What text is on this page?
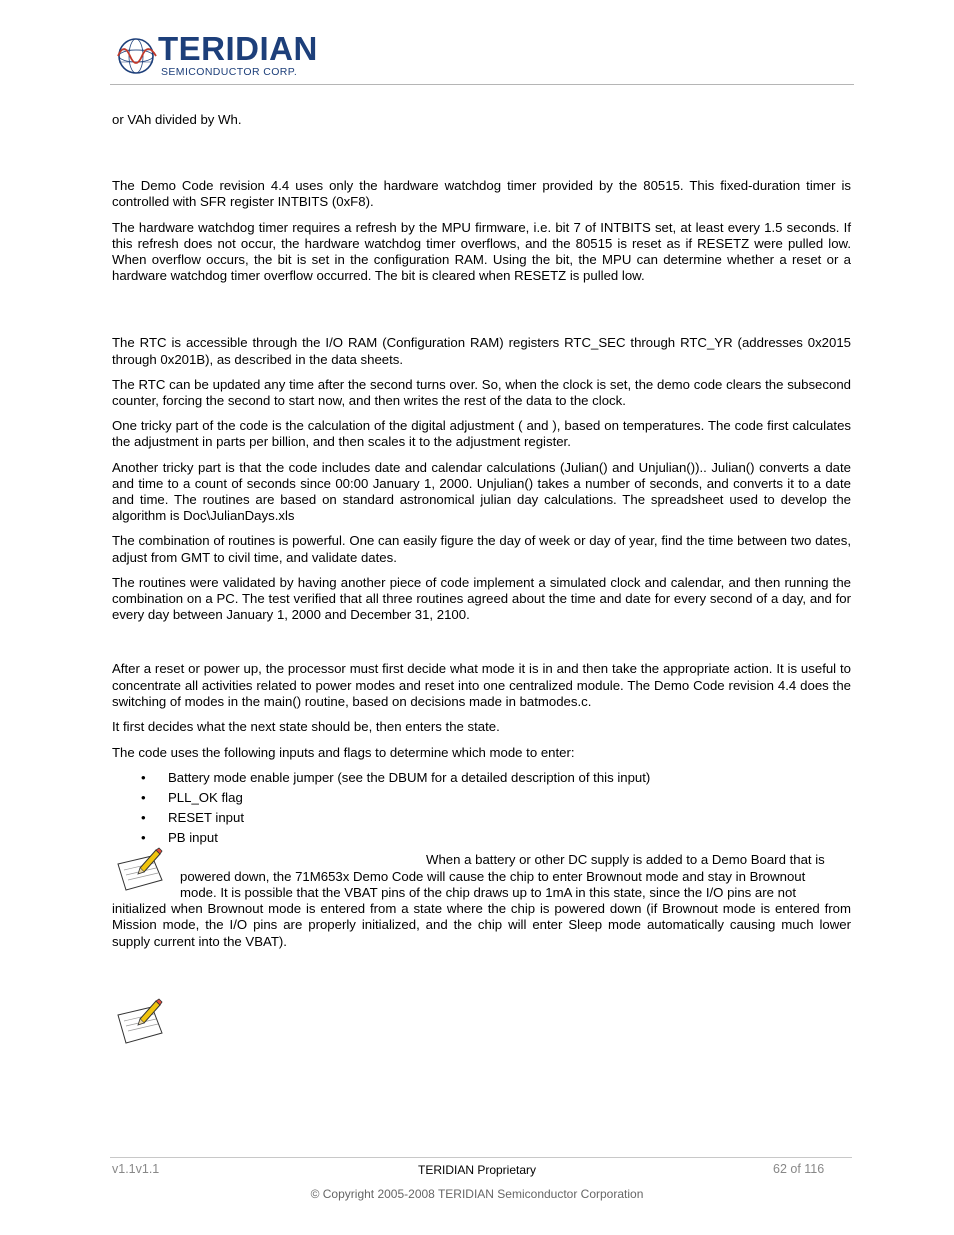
TERIDIAN
SEMICONDUCTOR CORP.

or VAh divided by Wh.

The Demo Code revision 4.4 uses only the hardware watchdog timer provided by the 80515. This fixed-duration timer is controlled with SFR register INTBITS (0xF8).

The hardware watchdog timer requires a refresh by the MPU firmware, i.e. bit 7 of INTBITS set, at least every 1.5 seconds. If this refresh does not occur, the hardware watchdog timer overflows, and the 80515 is reset as if RESETZ were pulled low. When overflow occurs, the bit is set in the configuration RAM. Using the bit, the MPU can determine whether a reset or a hardware watchdog timer overflow occurred. The bit is cleared when RESETZ is pulled low.

The RTC is accessible through the I/O RAM (Configuration RAM) registers RTC_SEC through RTC_YR (addresses 0x2015 through 0x201B), as described in the data sheets.

The RTC can be updated any time after the second turns over. So, when the clock is set, the demo code clears the subsecond counter, forcing the second to start now, and then writes the rest of the data to the clock.

One tricky part of the code is the calculation of the digital adjustment ( and ), based on temperatures. The code first calculates the adjustment in parts per billion, and then scales it to the adjustment register.

Another tricky part is that the code includes date and calendar calculations (Julian() and Unjulian()).. Julian() converts a date and time to a count of seconds since 00:00 January 1, 2000. Unjulian() takes a number of seconds, and converts it to a date and time. The routines are based on standard astronomical julian day calculations. The spreadsheet used to develop the algorithm is Doc\JulianDays.xls

The combination of routines is powerful. One can easily figure the day of week or day of year, find the time between two dates, adjust from GMT to civil time, and validate dates.

The routines were validated by having another piece of code implement a simulated clock and calendar, and then running the combination on a PC. The test verified that all three routines agreed about the time and date for every second of a day, and for every day between January 1, 2000 and December 31, 2100.

After a reset or power up, the processor must first decide what mode it is in and then take the appropriate action. It is useful to concentrate all activities related to power modes and reset into one centralized module. The Demo Code revision 4.4 does the switching of modes in the main() routine, based on decisions made in batmodes.c.

It first decides what the next state should be, then enters the state.

The code uses the following inputs and flags to determine which mode to enter:

• Battery mode enable jumper (see the DBUM for a detailed description of this input)
• PLL_OK flag
• RESET input
• PB input

When a battery or other DC supply is added to a Demo Board that is

powered down, the 71M653x Demo Code will cause the chip to enter Brownout mode and stay in Brownout

mode. It is possible that the VBAT pins of the chip draws up to 1mA in this state, since the I/O pins are not

initialized when Brownout mode is entered from a state where the chip is powered down (if Brownout mode is entered from Mission mode, the I/O pins are properly initialized, and the chip will enter Sleep mode automatically causing much lower supply current into the VBAT).

v1.1v1.1	TERIDIAN Proprietary	62 of 116
© Copyright 2005-2008 TERIDIAN Semiconductor Corporation
